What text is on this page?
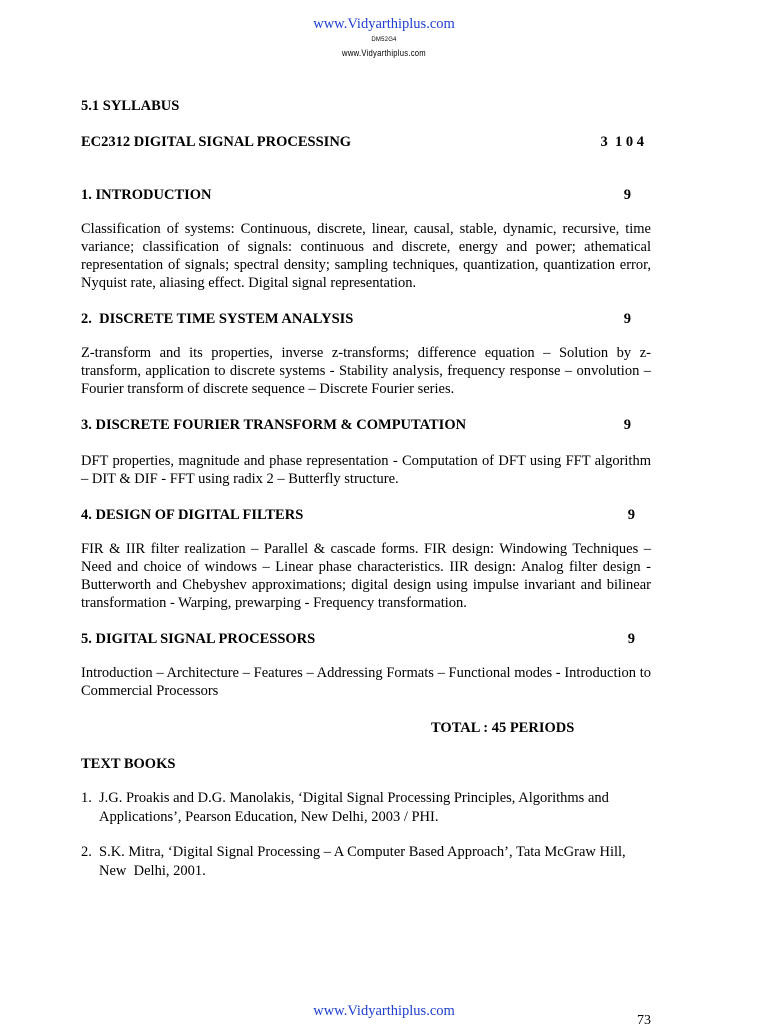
www.Vidyarthiplus.com
DM52G4
www.Vidyarthiplus.com
5.1 SYLLABUS
EC2312 DIGITAL SIGNAL PROCESSING	3  1 0 4
1. INTRODUCTION	9

Classification of systems: Continuous, discrete, linear, causal, stable, dynamic, recursive, time variance; classification of signals: continuous and discrete, energy and power; athematical representation of signals; spectral density; sampling techniques, quantization, quantization error, Nyquist rate, aliasing effect. Digital signal representation.

2.  DISCRETE TIME SYSTEM ANALYSIS	9

Z-transform and its properties, inverse z-transforms; difference equation – Solution by z-transform, application to discrete systems - Stability analysis, frequency response – onvolution – Fourier transform of discrete sequence – Discrete Fourier series.

3. DISCRETE FOURIER TRANSFORM & COMPUTATION	9

DFT properties, magnitude and phase representation - Computation of DFT using FFT algorithm – DIT & DIF - FFT using radix 2 – Butterfly structure.

4. DESIGN OF DIGITAL FILTERS	9

FIR & IIR filter realization – Parallel & cascade forms. FIR design: Windowing Techniques – Need and choice of windows – Linear phase characteristics. IIR design: Analog filter design - Butterworth and Chebyshev approximations; digital design using impulse invariant and bilinear transformation - Warping, prewarping - Frequency transformation.

5. DIGITAL SIGNAL PROCESSORS	9

Introduction – Architecture – Features – Addressing Formats – Functional modes - Introduction to Commercial Processors

TOTAL : 45 PERIODS
TEXT BOOKS
1. J.G. Proakis and D.G. Manolakis, ‘Digital Signal Processing Principles, Algorithms and  Applications’, Pearson Education, New Delhi, 2003 / PHI.
2. S.K. Mitra, ‘Digital Signal Processing – A Computer Based Approach’, Tata McGraw Hill, New  Delhi, 2001.
www.Vidyarthiplus.com
73
